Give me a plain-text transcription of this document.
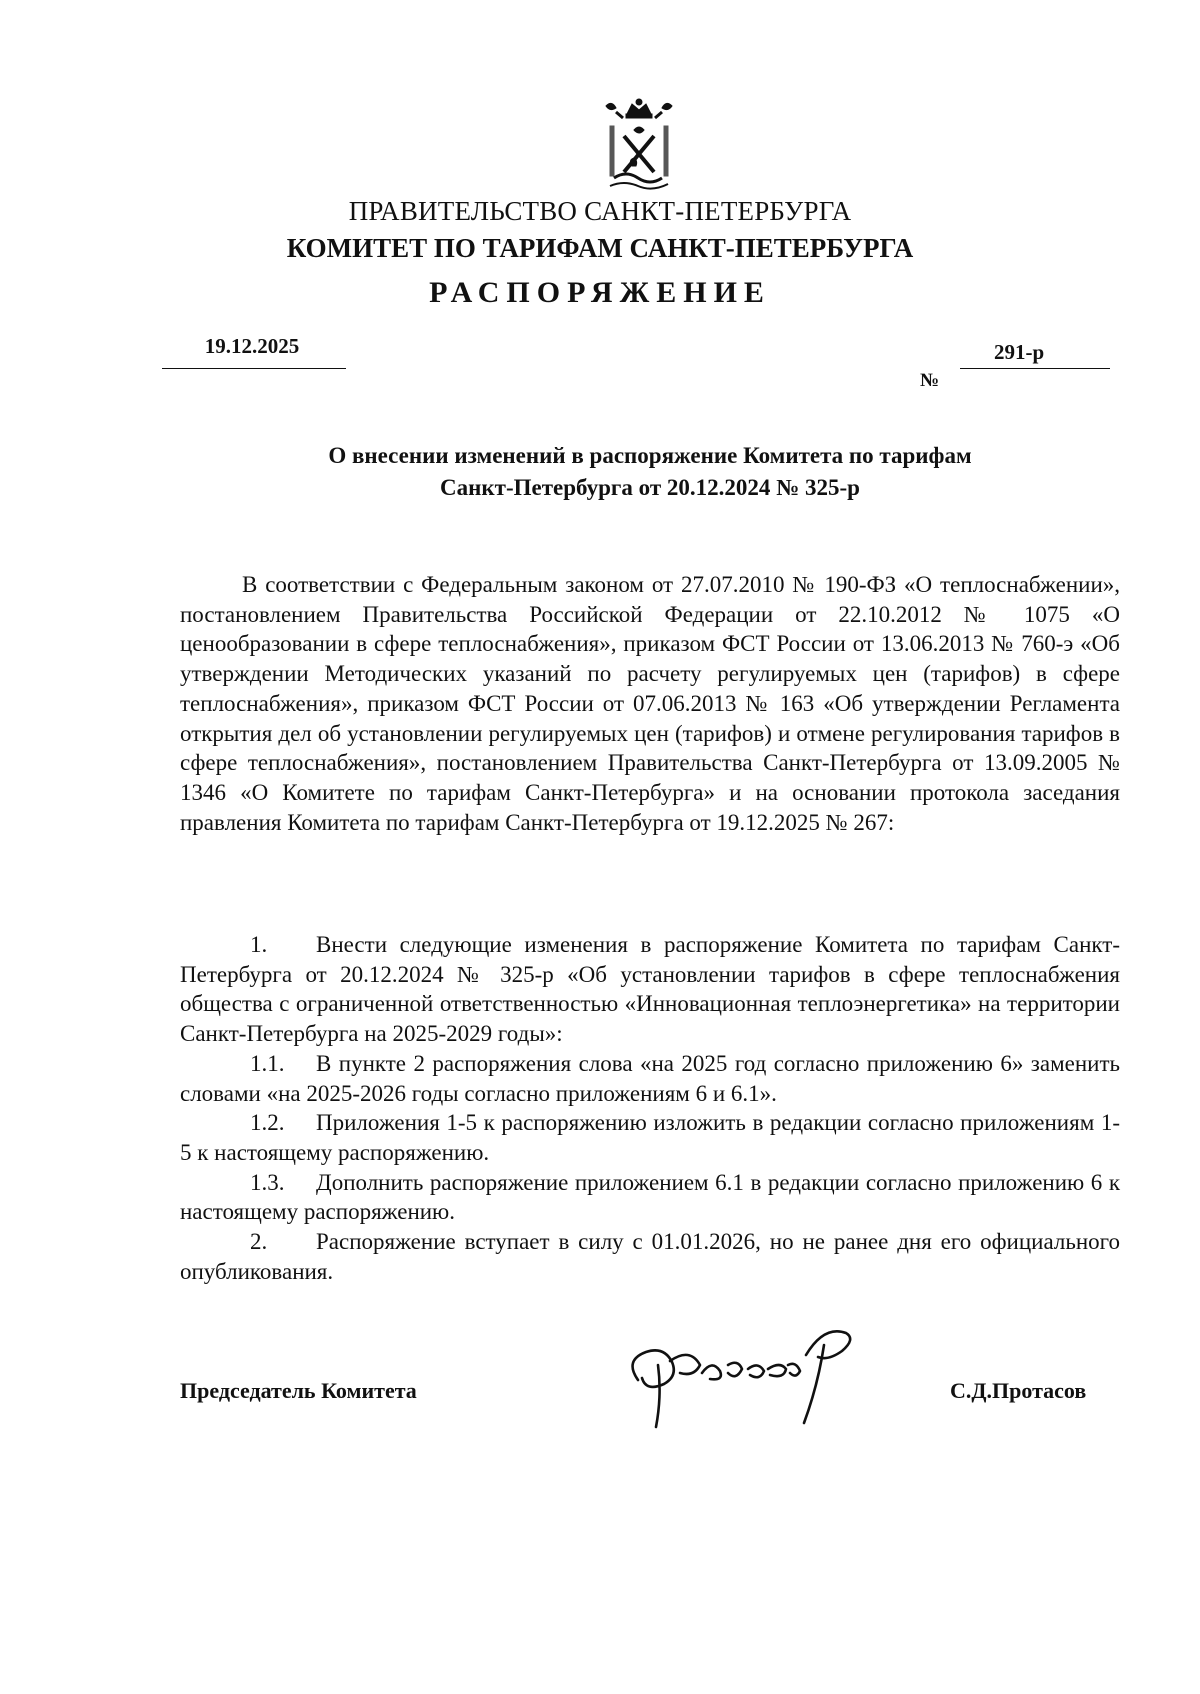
ПРАВИТЕЛЬСТВО САНКТ-ПЕТЕРБУРГА
КОМИТЕТ ПО ТАРИФАМ САНКТ-ПЕТЕРБУРГА
РАСПОРЯЖЕНИЕ
19.12.2025
№
291-р
О внесении изменений в распоряжение Комитета по тарифам
Санкт-Петербурга от 20.12.2024 № 325-р

В соответствии с Федеральным законом от 27.07.2010 № 190-ФЗ «О теплоснабжении», постановлением Правительства Российской Федерации от 22.10.2012 № 1075 «О ценообразовании в сфере теплоснабжения», приказом ФСТ России от 13.06.2013 № 760-э «Об утверждении Методических указаний по расчету регулируемых цен (тарифов) в сфере теплоснабжения», приказом ФСТ России от 07.06.2013 № 163 «Об утверждении Регламента открытия дел об установлении регулируемых цен (тарифов) и отмене регулирования тарифов в сфере теплоснабжения», постановлением Правительства Санкт-Петербурга от 13.09.2005 № 1346 «О Комитете по тарифам Санкт-Петербурга» и на основании протокола заседания правления Комитета по тарифам Санкт-Петербурга от 19.12.2025 № 267:

1. Внести следующие изменения в распоряжение Комитета по тарифам Санкт-Петербурга от 20.12.2024 № 325-р «Об установлении тарифов в сфере теплоснабжения общества с ограниченной ответственностью «Инновационная теплоэнергетика» на территории Санкт-Петербурга на 2025-2029 годы»:

1.1. В пункте 2 распоряжения слова «на 2025 год согласно приложению 6» заменить словами «на 2025-2026 годы согласно приложениям 6 и 6.1».

1.2. Приложения 1-5 к распоряжению изложить в редакции согласно приложениям 1-5 к настоящему распоряжению.

1.3. Дополнить распоряжение приложением 6.1 в редакции согласно приложению 6 к настоящему распоряжению.

2. Распоряжение вступает в силу с 01.01.2026, но не ранее дня его официального опубликования.

Председатель Комитета	С.Д.Протасов
